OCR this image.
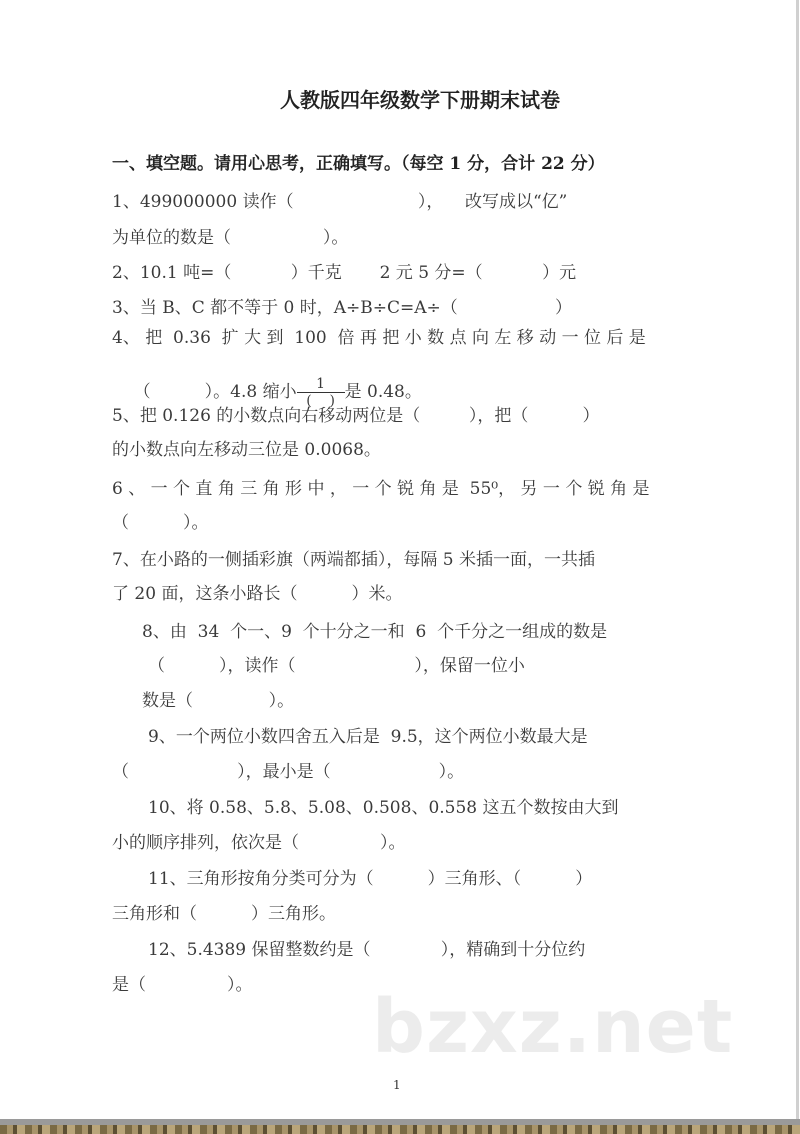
人教版四年级数学下册期末试卷
一、填空题。请用心思考，正确填写。（每空 1 分，合计 22 分）
1、499000000 读作（                       ），    改写成以“亿”
为单位的数是（                 ）。
2、10.1 吨=（           ）千克       2 元 5 分=（           ）元
3、当 B、C 都不等于 0 时，A÷B÷C=A÷（                  ）
4、 把  0.36  扩 大 到  100  倍 再 把 小 数 点 向 左 移 动 一 位 后 是

（          ）。4.8 缩小 $\frac{1}{( )}$ 是 0.48。

5、把 0.126 的小数点向右移动两位是（         ），把（          ）
的小数点向左移动三位是 0.0068。
6 、 一 个 直 角 三 角 形 中 ， 一 个 锐 角 是  55⁰， 另 一 个 锐 角 是
（          ）。
7、在小路的一侧插彩旗（两端都插），每隔 5 米插一面，一共插
了 20 面，这条小路长（          ）米。
8、由  34  个一、9  个十分之一和  6  个千分之一组成的数是
（          ），读作（                      ），保留一位小
数是（              ）。
9、一个两位小数四舍五入后是  9.5，这个两位小数最大是
（                    ），最小是（                    ）。
10、将 0.58、5.8、5.08、0.508、0.558 这五个数按由大到
小的顺序排列，依次是（               ）。
11、三角形按角分类可分为（          ）三角形、（          ）
三角形和（          ）三角形。
12、5.4389 保留整数约是（             ），精确到十分位约
是（               ）。 bzxz.net
1
